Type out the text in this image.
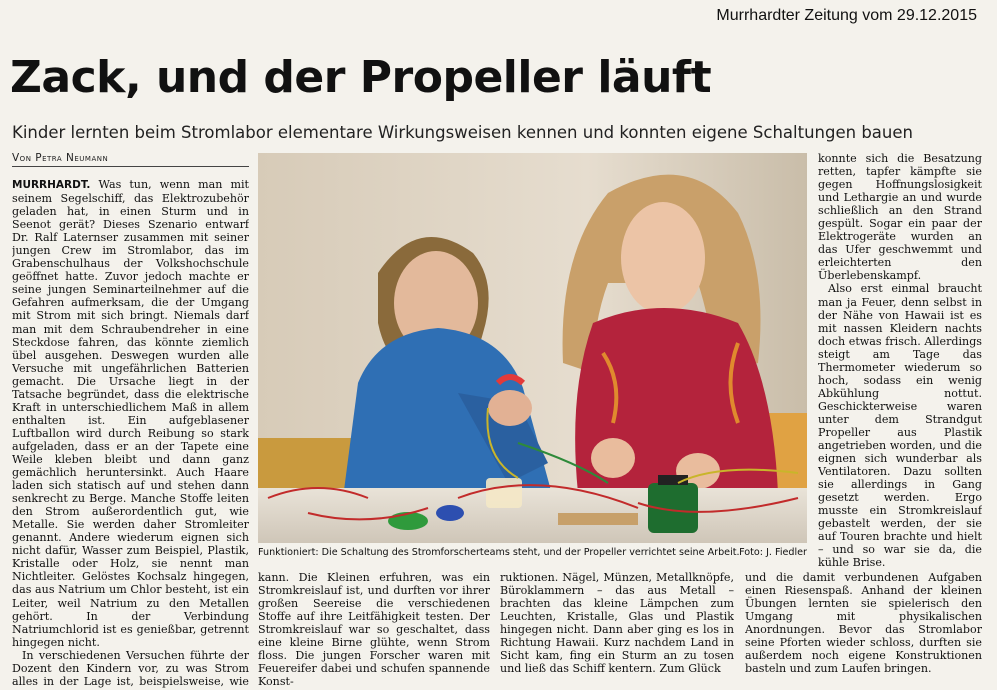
Murrhardter Zeitung vom 29.12.2015
Zack, und der Propeller läuft
Kinder lernten beim Stromlabor elementare Wirkungsweisen kennen und konnten eigene Schaltungen bauen
Von Petra Neumann

MURRHARDT. Was tun, wenn man mit seinem Segelschiff, das Elektrozubehör geladen hat, in einen Sturm und in Seenot gerät? Dieses Szenario entwarf Dr. Ralf Laternser zusammen mit seiner jungen Crew im Stromlabor, das im Grabenschulhaus der Volkshochschule geöffnet hatte. Zuvor jedoch machte er seine jungen Seminarteilnehmer auf die Gefahren aufmerksam, die der Umgang mit Strom mit sich bringt. Niemals darf man mit dem Schraubendreher in eine Steckdose fahren, das könnte ziemlich übel ausgehen. Deswegen wurden alle Versuche mit ungefährlichen Batterien gemacht. Die Ursache liegt in der Tatsache begründet, dass die elektrische Kraft in unterschiedlichem Maß in allem enthalten ist. Ein aufgeblasener Luftballon wird durch Reibung so stark aufgeladen, dass er an der Tapete eine Weile kleben bleibt und dann ganz gemächlich heruntersinkt. Auch Haare laden sich statisch auf und stehen dann senkrecht zu Berge. Manche Stoffe leiten den Strom außerordentlich gut, wie Metalle. Sie werden daher Stromleiter genannt. Andere wiederum eignen sich nicht dafür, Wasser zum Beispiel, Plastik, Kristalle oder Holz, sie nennt man Nichtleiter. Gelöstes Kochsalz hingegen, das aus Natrium um Chlor besteht, ist ein Leiter, weil Natrium zu den Metallen gehört. In der Verbindung Natriumchlorid ist es genießbar, getrennt hingegen nicht.

In verschiedenen Versuchen führte der Dozent den Kindern vor, zu was Strom alles in der Lage ist, beispielsweise, wie

Funktioniert: Die Schaltung des Stromforscherteams steht, und der Propeller verrichtet seine Arbeit. Foto: J. Fiedler

kann. Die Kleinen erfuhren, was ein Stromkreislauf ist, und durften vor ihrer großen Seereise die verschiedenen Stoffe auf ihre Leitfähigkeit testen. Der Stromkreislauf war so geschaltet, dass eine kleine Birne glühte, wenn Strom floss. Die jungen Forscher waren mit Feuereifer dabei und schufen spannende Konst-

ruktionen. Nägel, Münzen, Metallknöpfe, Büroklammern – das aus Metall – brachten das kleine Lämpchen zum Leuchten, Kristalle, Glas und Plastik hingegen nicht. Dann aber ging es los in Richtung Hawaii. Kurz nachdem Land in Sicht kam, fing ein Sturm an zu tosen und ließ das Schiff kentern. Zum Glück

und die damit verbundenen Aufgaben einen Riesenspaß. Anhand der kleinen Übungen lernten sie spielerisch den Umgang mit physikalischen Anordnungen. Bevor das Stromlabor seine Pforten wieder schloss, durften sie außerdem noch eigene Konstruktionen basteln und zum Laufen bringen.

konnte sich die Besatzung retten, tapfer kämpfte sie gegen Hoffnungslosigkeit und Lethargie an und wurde schließlich an den Strand gespült. Sogar ein paar der Elektrogeräte wurden an das Ufer geschwemmt und erleichterten den Überlebenskampf.

Also erst einmal braucht man ja Feuer, denn selbst in der Nähe von Hawaii ist es mit nassen Kleidern nachts doch etwas frisch. Allerdings steigt am Tage das Thermometer wiederum so hoch, sodass ein wenig Abkühlung nottut. Geschickterweise waren unter dem Strandgut Propeller aus Plastik angetrieben worden, und die eignen sich wunderbar als Ventilatoren. Dazu sollten sie allerdings in Gang gesetzt werden. Ergo musste ein Stromkreislauf gebastelt werden, der sie auf Touren brachte und hielt – und so war sie da, die kühle Brise.
